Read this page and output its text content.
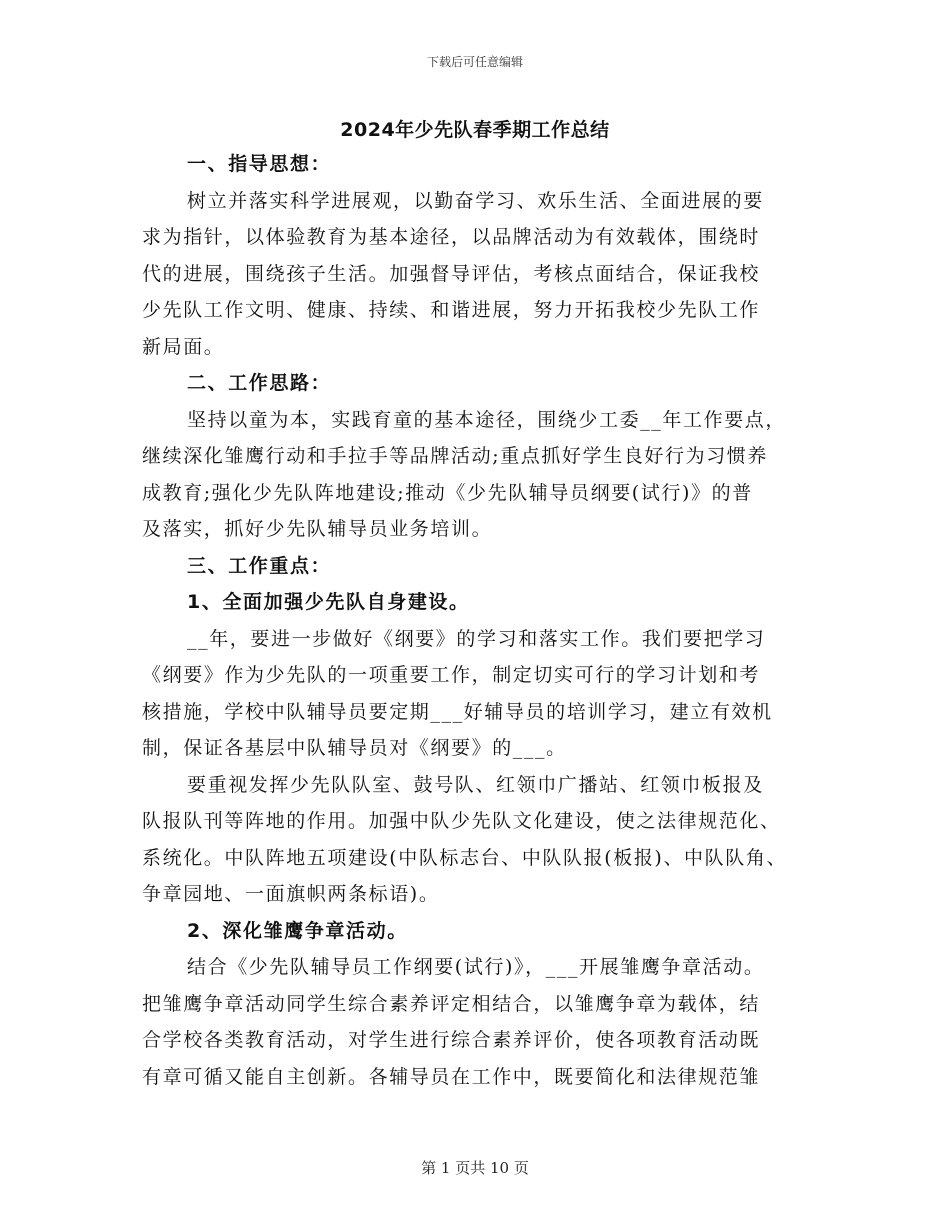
下载后可任意编辑
2024年少先队春季期工作总结
一、指导思想：
树立并落实科学进展观，以勤奋学习、欢乐生活、全面进展的要
求为指针，以体验教育为基本途径，以品牌活动为有效载体，围绕时
代的进展，围绕孩子生活。加强督导评估，考核点面结合，保证我校
少先队工作文明、健康、持续、和谐进展，努力开拓我校少先队工作
新局面。
二、工作思路：
坚持以童为本，实践育童的基本途径，围绕少工委__年工作要点，
继续深化雏鹰行动和手拉手等品牌活动;重点抓好学生良好行为习惯养
成教育;强化少先队阵地建设;推动《少先队辅导员纲要(试行)》的普
及落实，抓好少先队辅导员业务培训。
三、工作重点：
1、全面加强少先队自身建设。
__年，要进一步做好《纲要》的学习和落实工作。我们要把学习
《纲要》作为少先队的一项重要工作，制定切实可行的学习计划和考
核措施，学校中队辅导员要定期___好辅导员的培训学习，建立有效机
制，保证各基层中队辅导员对《纲要》的___。
要重视发挥少先队队室、鼓号队、红领巾广播站、红领巾板报及
队报队刊等阵地的作用。加强中队少先队文化建设，使之法律规范化、
系统化。中队阵地五项建设(中队标志台、中队队报(板报)、中队队角、
争章园地、一面旗帜两条标语)。
2、深化雏鹰争章活动。
结合《少先队辅导员工作纲要(试行)》，___开展雏鹰争章活动。
把雏鹰争章活动同学生综合素养评定相结合，以雏鹰争章为载体，结
合学校各类教育活动，对学生进行综合素养评价，使各项教育活动既
有章可循又能自主创新。各辅导员在工作中，既要简化和法律规范雏
第 1 页共 10 页
